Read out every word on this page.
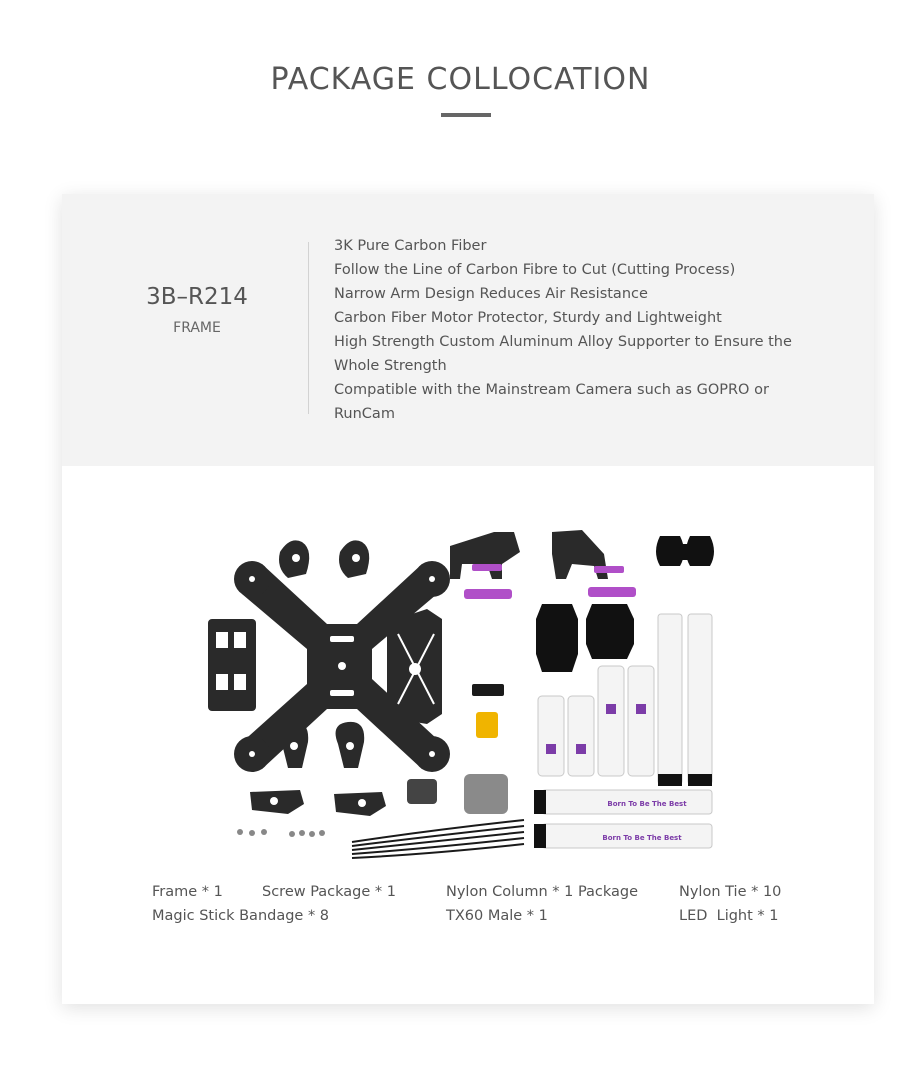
PACKAGE COLLOCATION
3B–R214
FRAME
3K Pure Carbon Fiber
Follow the Line of Carbon Fibre to Cut (Cutting Process)
Narrow Arm Design Reduces Air Resistance
Carbon Fiber Motor Protector, Sturdy and Lightweight
High Strength Custom Aluminum Alloy Supporter to Ensure the
Whole Strength
Compatible with the Mainstream Camera such as GOPRO or
RunCam
Born To Be The Best
Born To Be The Best
Frame * 1	Screw Package * 1	Nylon Column * 1 Package	Nylon Tie * 10
Magic Stick Bandage * 8	TX60 Male * 1	LED  Light * 1
